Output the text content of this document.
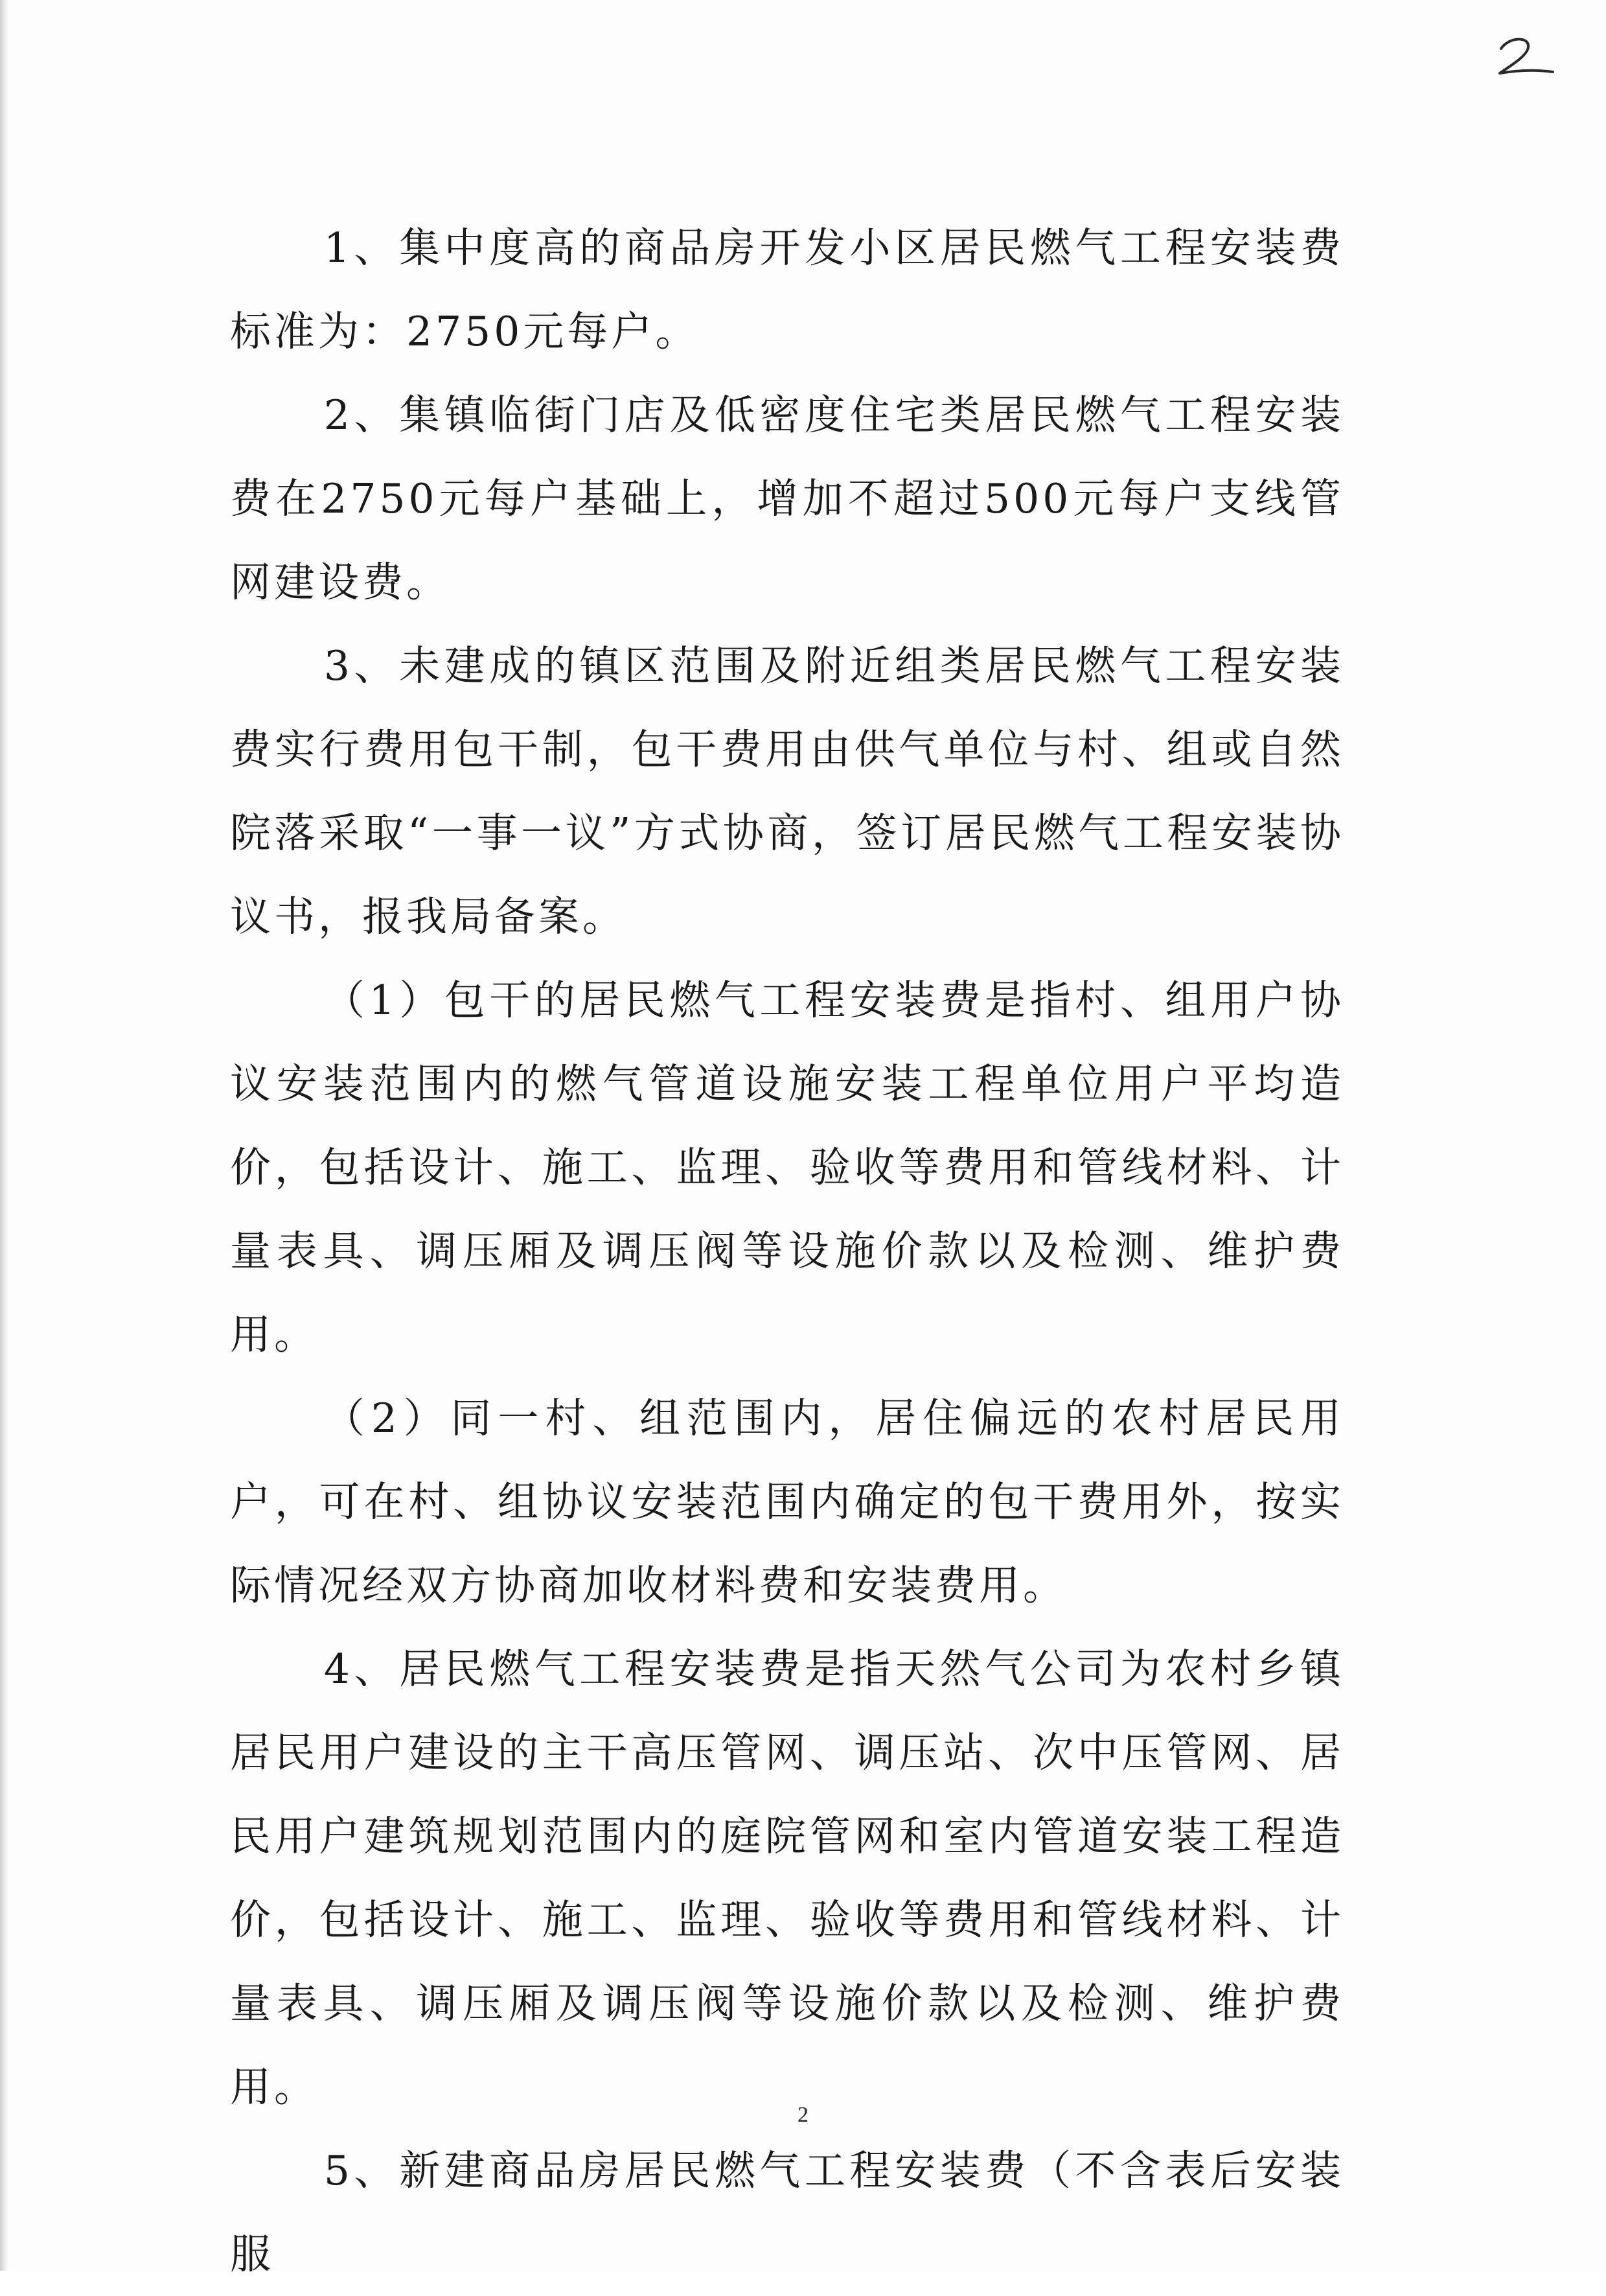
1、集中度高的商品房开发小区居民燃气工程安装费标准为：2750元每户。

2、集镇临街门店及低密度住宅类居民燃气工程安装费在2750元每户基础上，增加不超过500元每户支线管网建设费。

3、未建成的镇区范围及附近组类居民燃气工程安装费实行费用包干制，包干费用由供气单位与村、组或自然院落采取“一事一议”方式协商，签订居民燃气工程安装协议书，报我局备案。

（1）包干的居民燃气工程安装费是指村、组用户协议安装范围内的燃气管道设施安装工程单位用户平均造价，包括设计、施工、监理、验收等费用和管线材料、计量表具、调压厢及调压阀等设施价款以及检测、维护费用。

（2）同一村、组范围内，居住偏远的农村居民用户，可在村、组协议安装范围内确定的包干费用外，按实际情况经双方协商加收材料费和安装费用。

4、居民燃气工程安装费是指天然气公司为农村乡镇居民用户建设的主干高压管网、调压站、次中压管网、居民用户建筑规划范围内的庭院管网和室内管道安装工程造价，包括设计、施工、监理、验收等费用和管线材料、计量表具、调压厢及调压阀等设施价款以及检测、维护费用。

5、新建商品房居民燃气工程安装费（不含表后安装服

2
